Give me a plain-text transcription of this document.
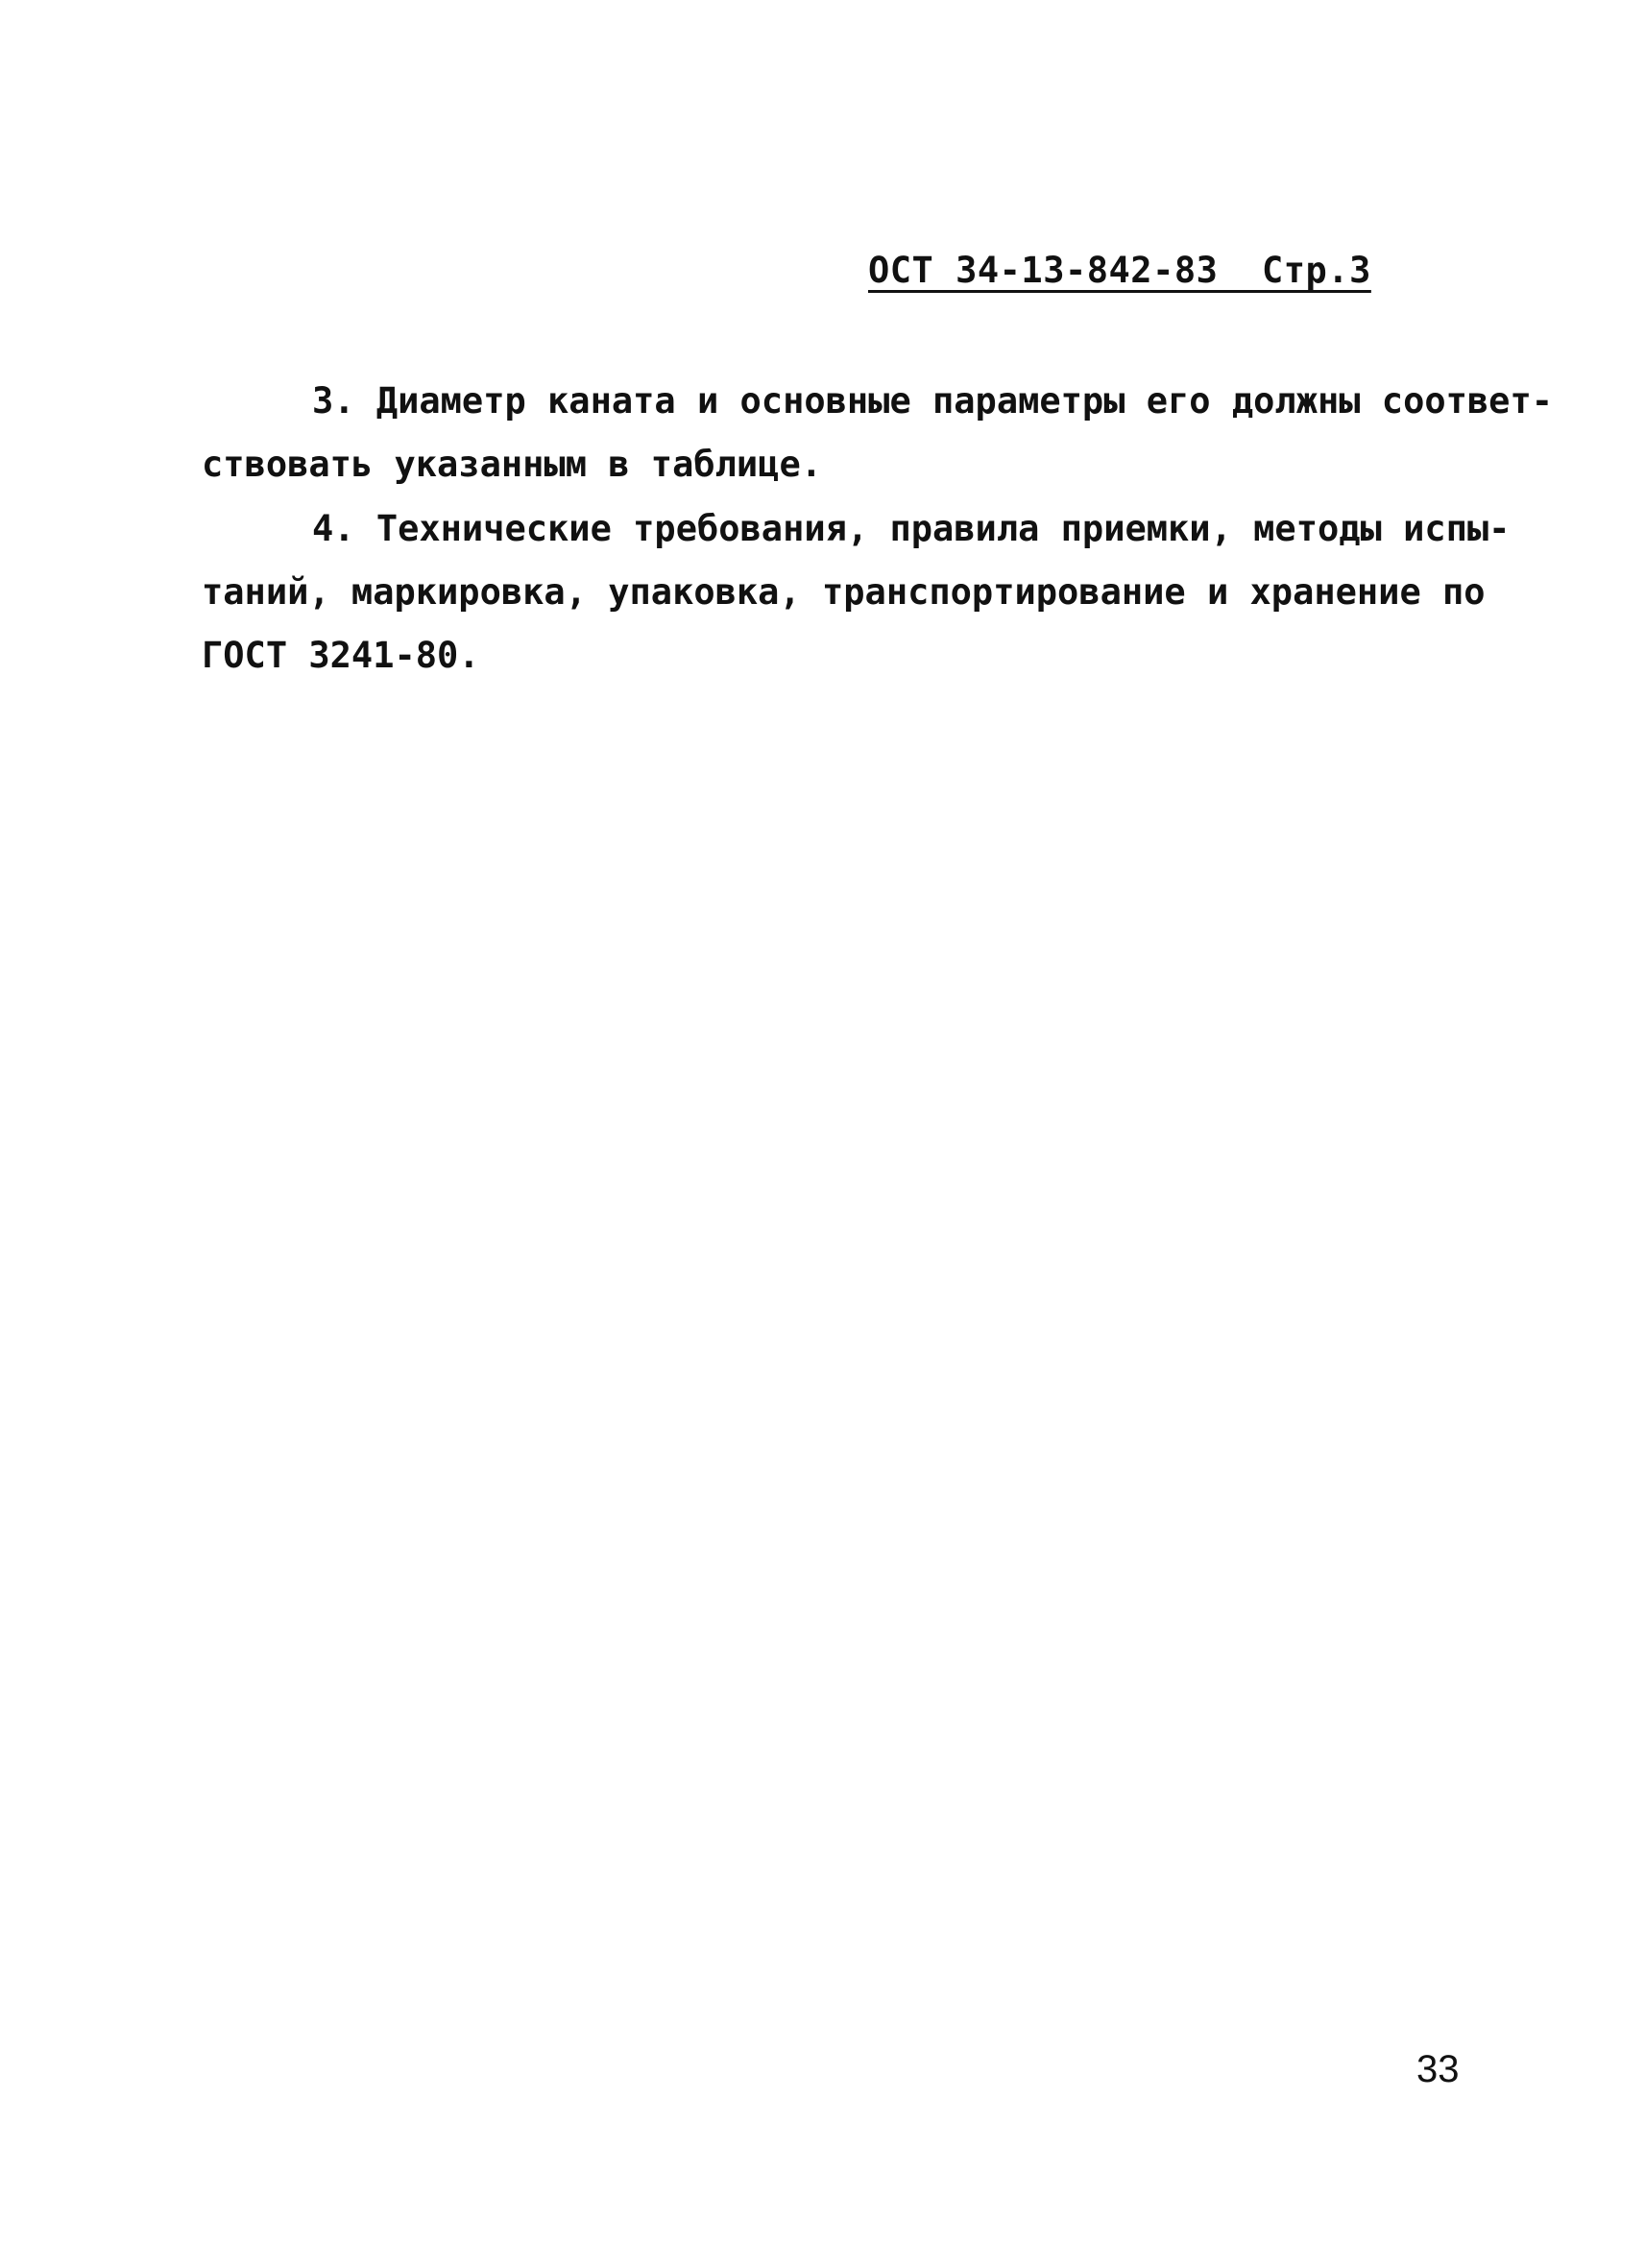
ОСТ 34-13-842-83  Стр.3
3. Диаметр каната и основные параметры его должны соответ-
ствовать указанным в таблице.
4. Технические требования, правила приемки, методы испы-
таний, маркировка, упаковка, транспортирование и хранение по
ГОСТ 3241-80.
33
